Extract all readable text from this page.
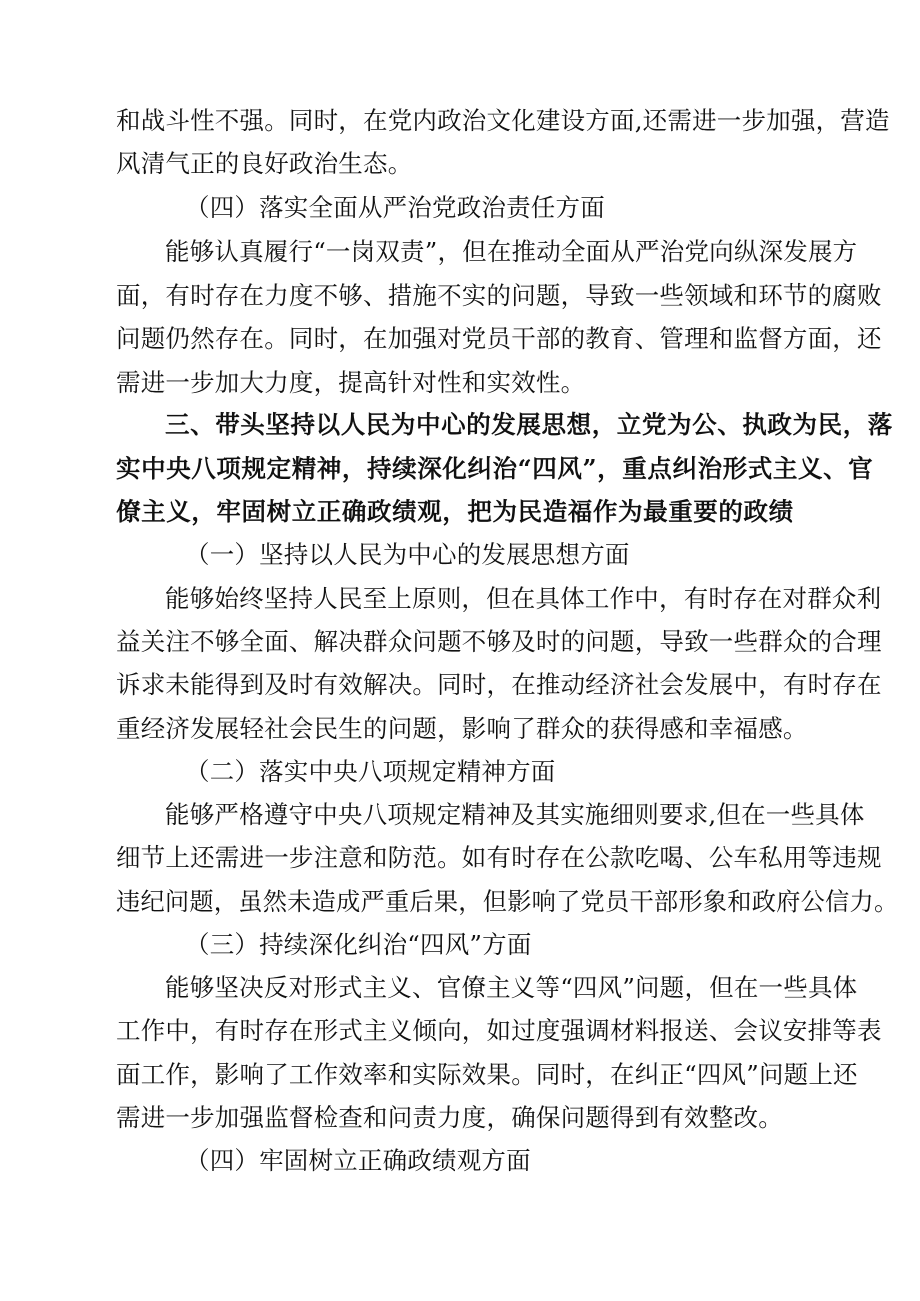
和战斗性不强。同时，在党内政治文化建设方面,还需进一步加强，营造
风清气正的良好政治生态。
（四）落实全面从严治党政治责任方面
能够认真履行“一岗双责”，但在推动全面从严治党向纵深发展方
面，有时存在力度不够、措施不实的问题，导致一些领域和环节的腐败
问题仍然存在。同时，在加强对党员干部的教育、管理和监督方面，还
需进一步加大力度，提高针对性和实效性。
三、带头坚持以人民为中心的发展思想，立党为公、执政为民，落
实中央八项规定精神，持续深化纠治“四风”，重点纠治形式主义、官
僚主义，牢固树立正确政绩观，把为民造福作为最重要的政绩
（一）坚持以人民为中心的发展思想方面
能够始终坚持人民至上原则，但在具体工作中，有时存在对群众利
益关注不够全面、解决群众问题不够及时的问题，导致一些群众的合理
诉求未能得到及时有效解决。同时，在推动经济社会发展中，有时存在
重经济发展轻社会民生的问题，影响了群众的获得感和幸福感。
（二）落实中央八项规定精神方面
能够严格遵守中央八项规定精神及其实施细则要求,但在一些具体
细节上还需进一步注意和防范。如有时存在公款吃喝、公车私用等违规
违纪问题，虽然未造成严重后果，但影响了党员干部形象和政府公信力。
（三）持续深化纠治“四风”方面
能够坚决反对形式主义、官僚主义等“四风”问题，但在一些具体
工作中，有时存在形式主义倾向，如过度强调材料报送、会议安排等表
面工作，影响了工作效率和实际效果。同时，在纠正“四风”问题上还
需进一步加强监督检查和问责力度，确保问题得到有效整改。
（四）牢固树立正确政绩观方面
